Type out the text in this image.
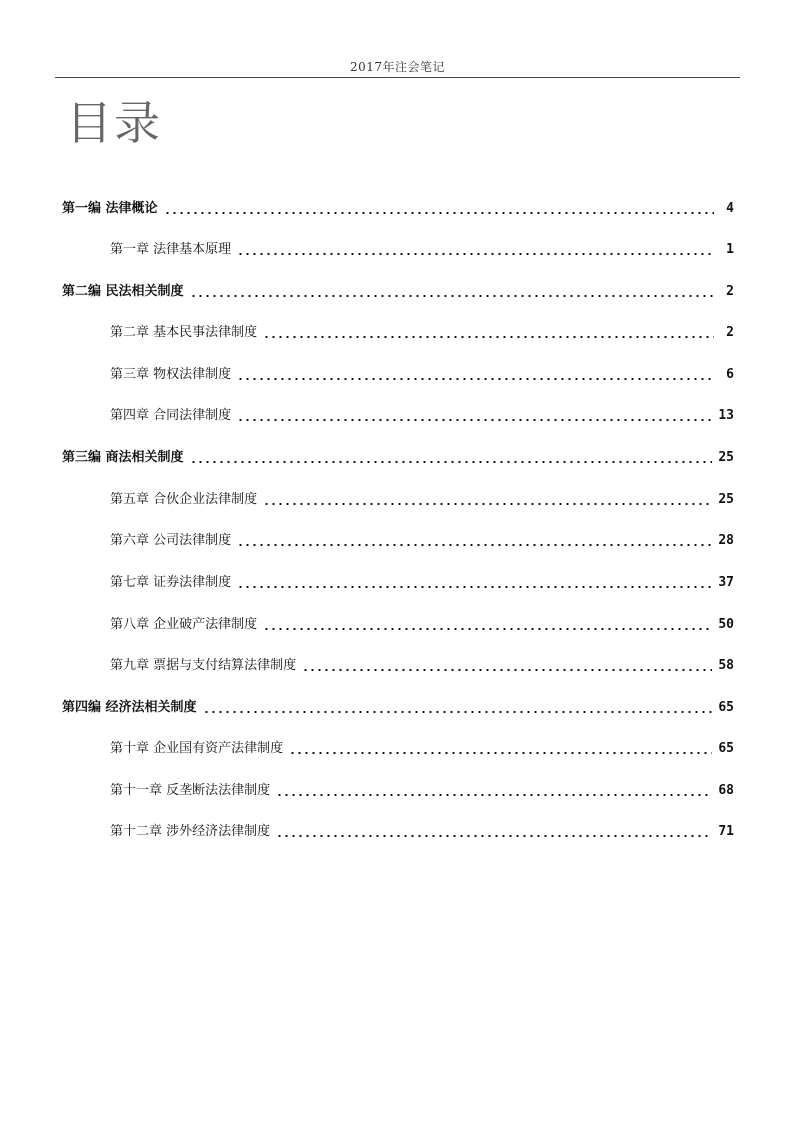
2017年注会笔记
目录
第一编 法律概论	4
第一章 法律基本原理	1
第二编 民法相关制度	2
第二章 基本民事法律制度	2
第三章 物权法律制度	6
第四章 合同法律制度	13
第三编 商法相关制度	25
第五章 合伙企业法律制度	25
第六章 公司法律制度	28
第七章 证券法律制度	37
第八章 企业破产法律制度	50
第九章 票据与支付结算法律制度	58
第四编 经济法相关制度	65
第十章 企业国有资产法律制度	65
第十一章 反垄断法法律制度	68
第十二章 涉外经济法律制度	71
